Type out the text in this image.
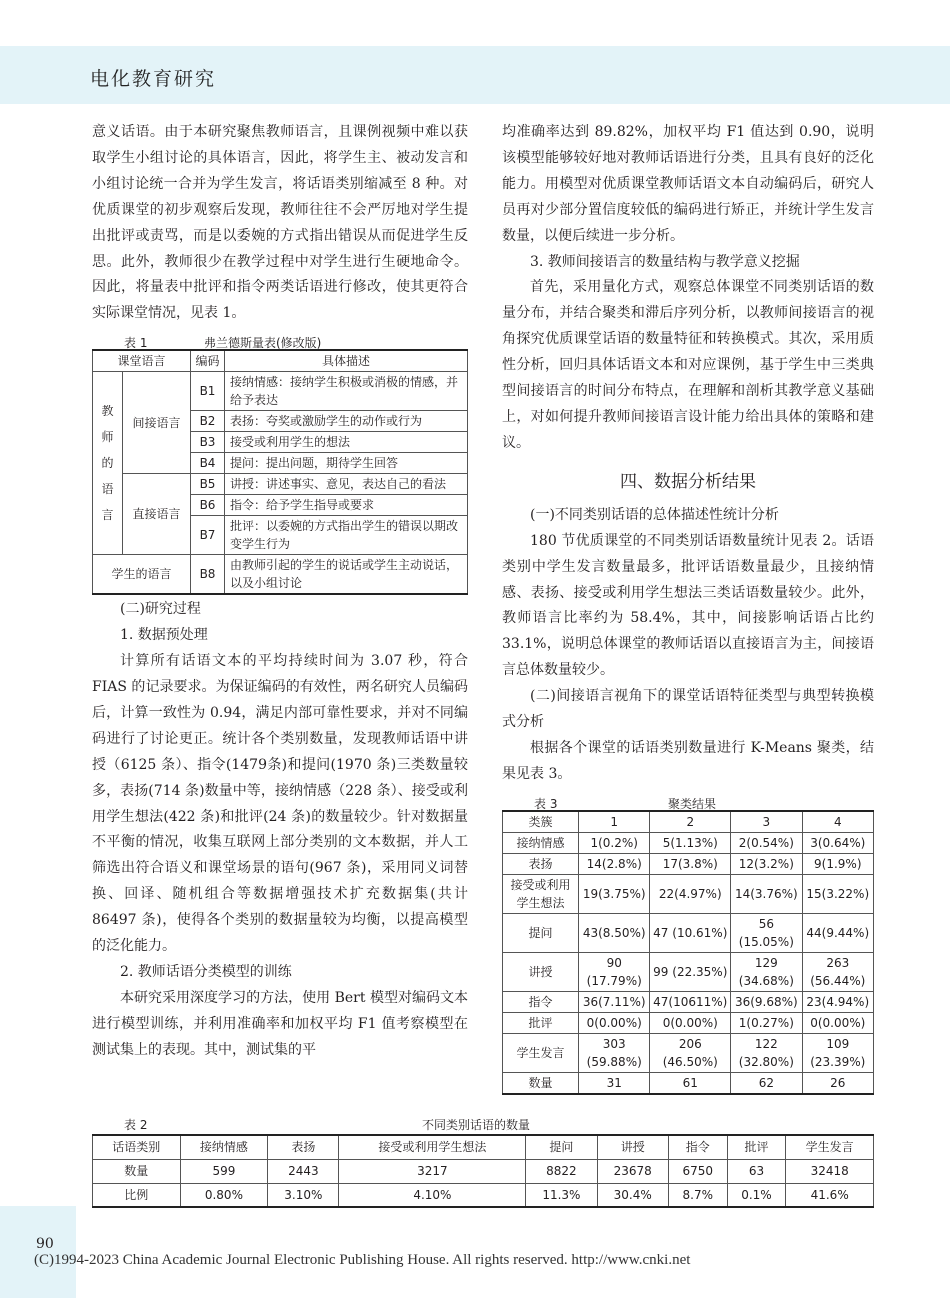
电化教育研究

意义话语。由于本研究聚焦教师语言，且课例视频中难以获取学生小组讨论的具体语言，因此，将学生主、被动发言和小组讨论统一合并为学生发言，将话语类别缩减至 8 种。对优质课堂的初步观察后发现，教师往往不会严厉地对学生提出批评或责骂，而是以委婉的方式指出错误从而促进学生反思。此外，教师很少在教学过程中对学生进行生硬地命令。因此，将量表中批评和指令两类话语进行修改，使其更符合实际课堂情况，见表 1。

表 1	弗兰德斯量表(修改版)
课堂语言		编码	具体描述
教
师
的
语
言	间接语言	B1	接纳情感：接纳学生积极或消极的情感，并给予表达
		B2	表扬：夸奖或激励学生的动作或行为
		B3	接受或利用学生的想法
		B4	提问：提出问题，期待学生回答
	直接语言	B5	讲授：讲述事实、意见，表达自己的看法
		B6	指令：给予学生指导或要求
		B7	批评：以委婉的方式指出学生的错误以期改变学生行为
学生的语言		B8	由教师引起的学生的说话或学生主动说话，以及小组讨论

(二)研究过程

1. 数据预处理

计算所有话语文本的平均持续时间为 3.07 秒，符合 FIAS 的记录要求。为保证编码的有效性，两名研究人员编码后，计算一致性为 0.94，满足内部可靠性要求，并对不同编码进行了讨论更正。统计各个类别数量，发现教师话语中讲授（6125 条）、指令(1479条)和提问(1970 条)三类数量较多，表扬(714 条)数量中等，接纳情感（228 条）、接受或利用学生想法(422 条)和批评(24 条)的数量较少。针对数据量不平衡的情况，收集互联网上部分类别的文本数据，并人工筛选出符合语义和课堂场景的语句(967 条)，采用同义词替换、回译、随机组合等数据增强技术扩充数据集(共计 86497 条)，使得各个类别的数据量较为均衡，以提高模型的泛化能力。

2. 教师话语分类模型的训练

本研究采用深度学习的方法，使用 Bert 模型对编码文本进行模型训练，并利用准确率和加权平均 F1 值考察模型在测试集上的表现。其中，测试集的平

均准确率达到 89.82%，加权平均 F1 值达到 0.90，说明该模型能够较好地对教师话语进行分类，且具有良好的泛化能力。用模型对优质课堂教师话语文本自动编码后，研究人员再对少部分置信度较低的编码进行矫正，并统计学生发言数量，以便后续进一步分析。

3. 教师间接语言的数量结构与教学意义挖掘

首先，采用量化方式，观察总体课堂不同类别话语的数量分布，并结合聚类和滞后序列分析，以教师间接语言的视角探究优质课堂话语的数量特征和转换模式。其次，采用质性分析，回归具体话语文本和对应课例，基于学生中三类典型间接语言的时间分布特点，在理解和剖析其教学意义基础上，对如何提升教师间接语言设计能力给出具体的策略和建议。

四、数据分析结果

(一)不同类别话语的总体描述性统计分析

180 节优质课堂的不同类别话语数量统计见表 2。话语类别中学生发言数量最多，批评话语数量最少，且接纳情感、表扬、接受或利用学生想法三类话语数量较少。此外，教师语言比率约为 58.4%，其中，间接影响话语占比约 33.1%，说明总体课堂的教师话语以直接语言为主，间接语言总体数量较少。

(二)间接语言视角下的课堂话语特征类型与典型转换模式分析

根据各个课堂的话语类别数量进行 K-Means 聚类，结果见表 3。

表 3	聚类结果
类簇	1	2	3	4
接纳情感	1(0.2%)	5(1.13%)	2(0.54%)	3(0.64%)
表扬	14(2.8%)	17(3.8%)	12(3.2%)	9(1.9%)
接受或利用学生想法	19(3.75%)	22(4.97%)	14(3.76%)	15(3.22%)
提问	43(8.50%)	47 (10.61%)	56 (15.05%)	44(9.44%)
讲授	90 (17.79%)	99 (22.35%)	129 (34.68%)	263 (56.44%)
指令	36(7.11%)	47(10611%)	36(9.68%)	23(4.94%)
批评	0(0.00%)	0(0.00%)	1(0.27%)	0(0.00%)
学生发言	303 (59.88%)	206 (46.50%)	122 (32.80%)	109 (23.39%)
数量	31	61	62	26
表 2	不同类别话语的数量
话语类别	接纳情感	表扬	接受或利用学生想法	提问	讲授	指令	批评	学生发言
数量	599	2443	3217	8822	23678	6750	63	32418
比例	0.80%	3.10%	4.10%	11.3%	30.4%	8.7%	0.1%	41.6%
90
(C)1994-2023 China Academic Journal Electronic Publishing House. All rights reserved. http://www.cnki.net
